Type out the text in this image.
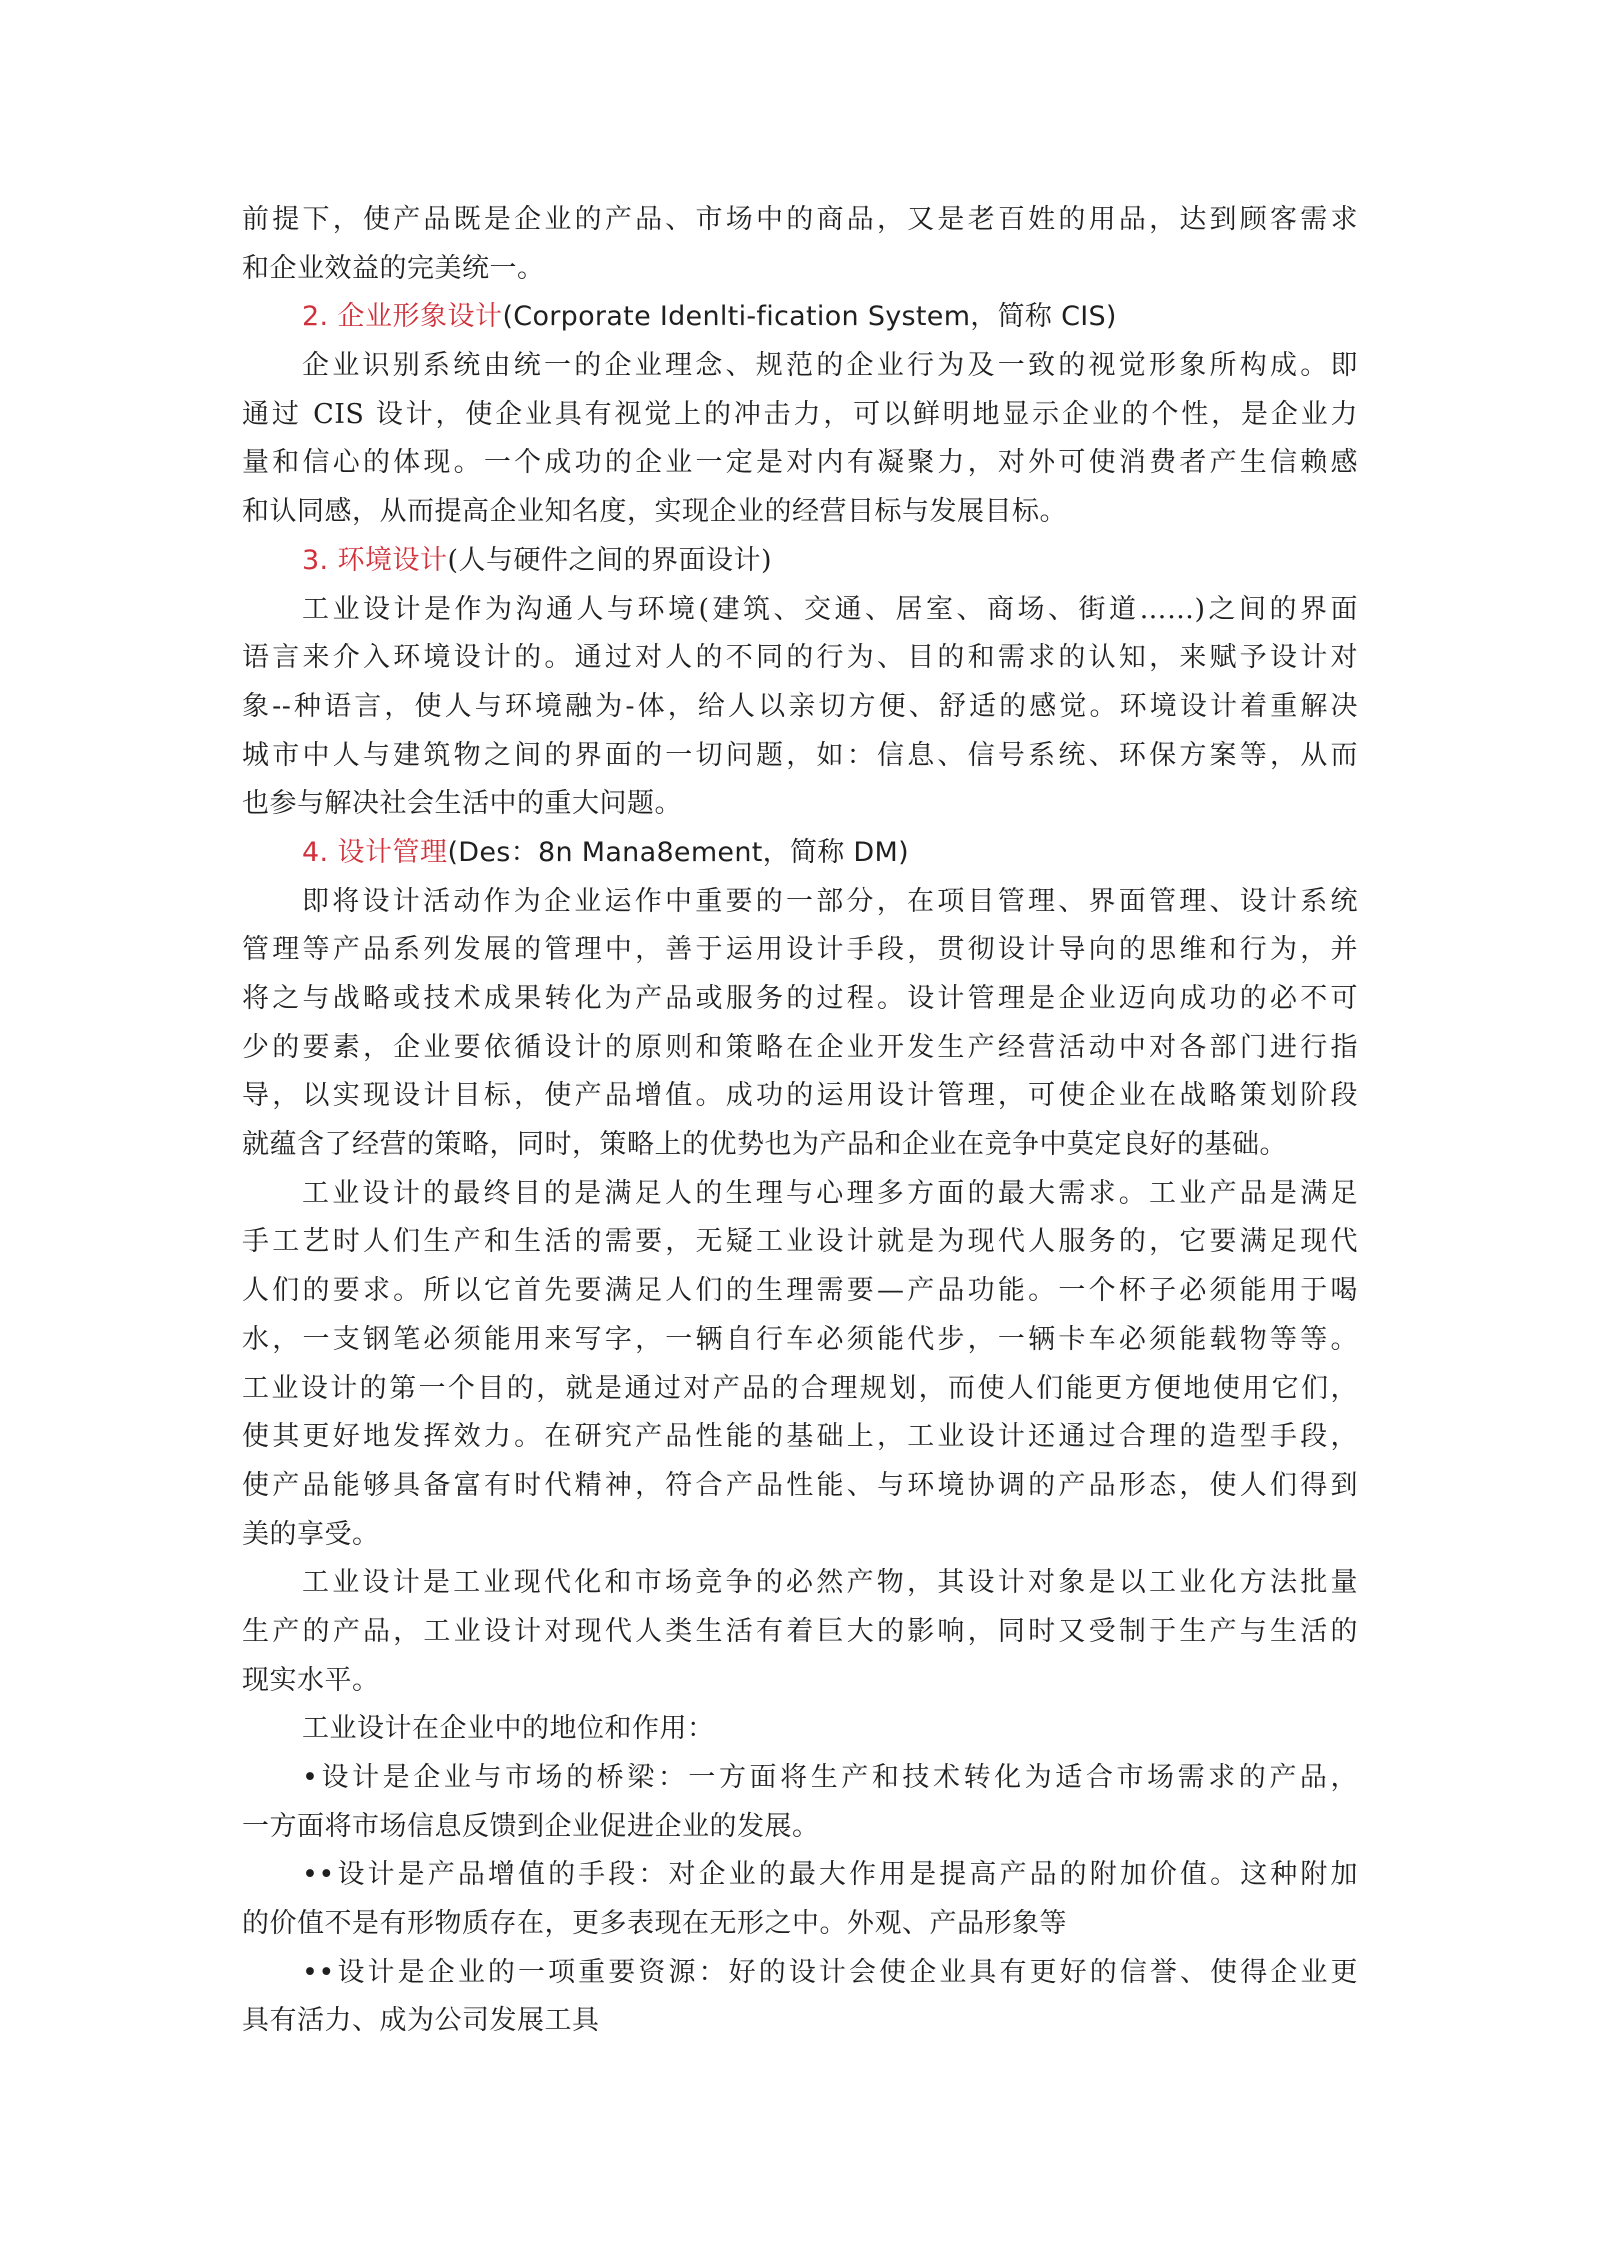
前提下，使产品既是企业的产品、市场中的商品，又是老百姓的用品，达到顾客需求
和企业效益的完美统一。
2. 企业形象设计(Corporate Idenlti-fication System，简称 CIS)
企业识别系统由统一的企业理念、规范的企业行为及一致的视觉形象所构成。即
通过 CIS 设计，使企业具有视觉上的冲击力，可以鲜明地显示企业的个性，是企业力
量和信心的体现。一个成功的企业一定是对内有凝聚力，对外可使消费者产生信赖感
和认同感，从而提高企业知名度，实现企业的经营目标与发展目标。
3. 环境设计(人与硬件之间的界面设计)
工业设计是作为沟通人与环境(建筑、交通、居室、商场、街道……)之间的界面
语言来介入环境设计的。通过对人的不同的行为、目的和需求的认知，来赋予设计对
象--种语言，使人与环境融为-体，给人以亲切方便、舒适的感觉。环境设计着重解决
城市中人与建筑物之间的界面的一切问题，如：信息、信号系统、环保方案等，从而
也参与解决社会生活中的重大问题。
4. 设计管理(Des：8n Mana8ement，简称 DM)
即将设计活动作为企业运作中重要的一部分，在项目管理、界面管理、设计系统
管理等产品系列发展的管理中，善于运用设计手段，贯彻设计导向的思维和行为，并
将之与战略或技术成果转化为产品或服务的过程。设计管理是企业迈向成功的必不可
少的要素，企业要依循设计的原则和策略在企业开发生产经营活动中对各部门进行指
导，以实现设计目标，使产品增值。成功的运用设计管理，可使企业在战略策划阶段
就蕴含了经营的策略，同时，策略上的优势也为产品和企业在竞争中莫定良好的基础。
工业设计的最终目的是满足人的生理与心理多方面的最大需求。工业产品是满足
手工艺时人们生产和生活的需要，无疑工业设计就是为现代人服务的，它要满足现代
人们的要求。所以它首先要满足人们的生理需要—产品功能。一个杯子必须能用于喝
水，一支钢笔必须能用来写字，一辆自行车必须能代步，一辆卡车必须能载物等等。
工业设计的第一个目的，就是通过对产品的合理规划，而使人们能更方便地使用它们，
使其更好地发挥效力。在研究产品性能的基础上，工业设计还通过合理的造型手段，
使产品能够具备富有时代精神，符合产品性能、与环境协调的产品形态，使人们得到
美的享受。
工业设计是工业现代化和市场竞争的必然产物，其设计对象是以工业化方法批量
生产的产品，工业设计对现代人类生活有着巨大的影响，同时又受制于生产与生活的
现实水平。
工业设计在企业中的地位和作用：
•设计是企业与市场的桥梁：一方面将生产和技术转化为适合市场需求的产品，
一方面将市场信息反馈到企业促进企业的发展。
••设计是产品增值的手段：对企业的最大作用是提高产品的附加价值。这种附加
的价值不是有形物质存在，更多表现在无形之中。外观、产品形象等
••设计是企业的一项重要资源：好的设计会使企业具有更好的信誉、使得企业更
具有活力、成为公司发展工具
